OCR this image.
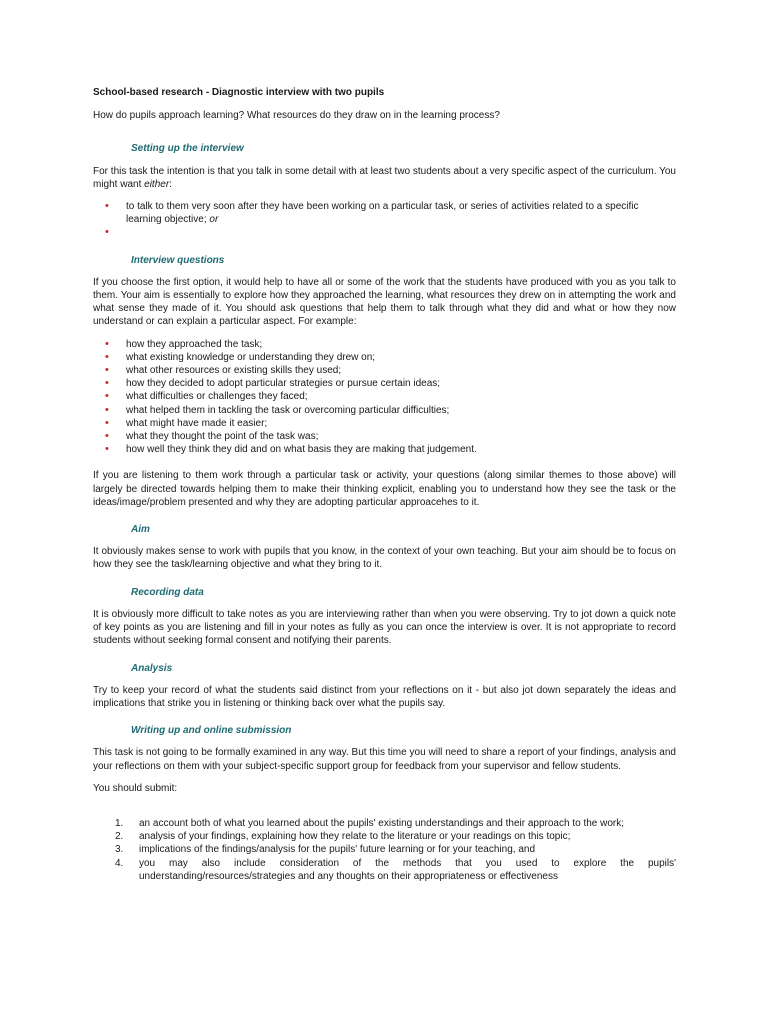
School-based research - Diagnostic interview with two pupils

How do pupils approach learning? What resources do they draw on in the learning process?

Setting up the interview

For this task the intention is that you talk in some detail with at least two students about a very specific aspect of the curriculum. You might want either:

• to talk to them very soon after they have been working on a particular task, or series of activities related to a specific learning objective; or
•

Interview questions

If you choose the first option, it would help to have all or some of the work that the students have produced with you as you talk to them. Your aim is essentially to explore how they approached the learning, what resources they drew on in attempting the work and what sense they made of it. You should ask questions that help them to talk through what they did and what or how they now understand or can explain a particular aspect. For example:

• how they approached the task;
• what existing knowledge or understanding they drew on;
• what other resources or existing skills they used;
• how they decided to adopt particular strategies or pursue certain ideas;
• what difficulties or challenges they faced;
• what helped them in tackling the task or overcoming particular difficulties;
• what might have made it easier;
• what they thought the point of the task was;
• how well they think they did and on what basis they are making that judgement.

If you are listening to them work through a particular task or activity, your questions (along similar themes to those above) will largely be directed towards helping them to make their thinking explicit, enabling you to understand how they see the task or the ideas/image/problem presented and why they are adopting particular approacehes to it.

Aim

It obviously makes sense to work with pupils that you know, in the context of your own teaching. But your aim should be to focus on how they see the task/learning objective and what they bring to it.

Recording data

It is obviously more difficult to take notes as you are interviewing rather than when you were observing. Try to jot down a quick note of key points as you are listening and fill in your notes as fully as you can once the interview is over. It is not appropriate to record students without seeking formal consent and notifying their parents.

Analysis

Try to keep your record of what the students said distinct from your reflections on it - but also jot down separately the ideas and implications that strike you in listening or thinking back over what the pupils say.

Writing up and online submission

This task is not going to be formally examined in any way. But this time you will need to share a report of your findings, analysis and your reflections on them with your subject-specific support group for feedback from your supervisor and fellow students.

You should submit:

1. an account both of what you learned about the pupils' existing understandings and their approach to the work;
2. analysis of your findings, explaining how they relate to the literature or your readings on this topic;
3. implications of the findings/analysis for the pupils' future learning or for your teaching, and
4. you may also include consideration of the methods that you used to explore the pupils' understanding/resources/strategies and any thoughts on their appropriateness or effectiveness
